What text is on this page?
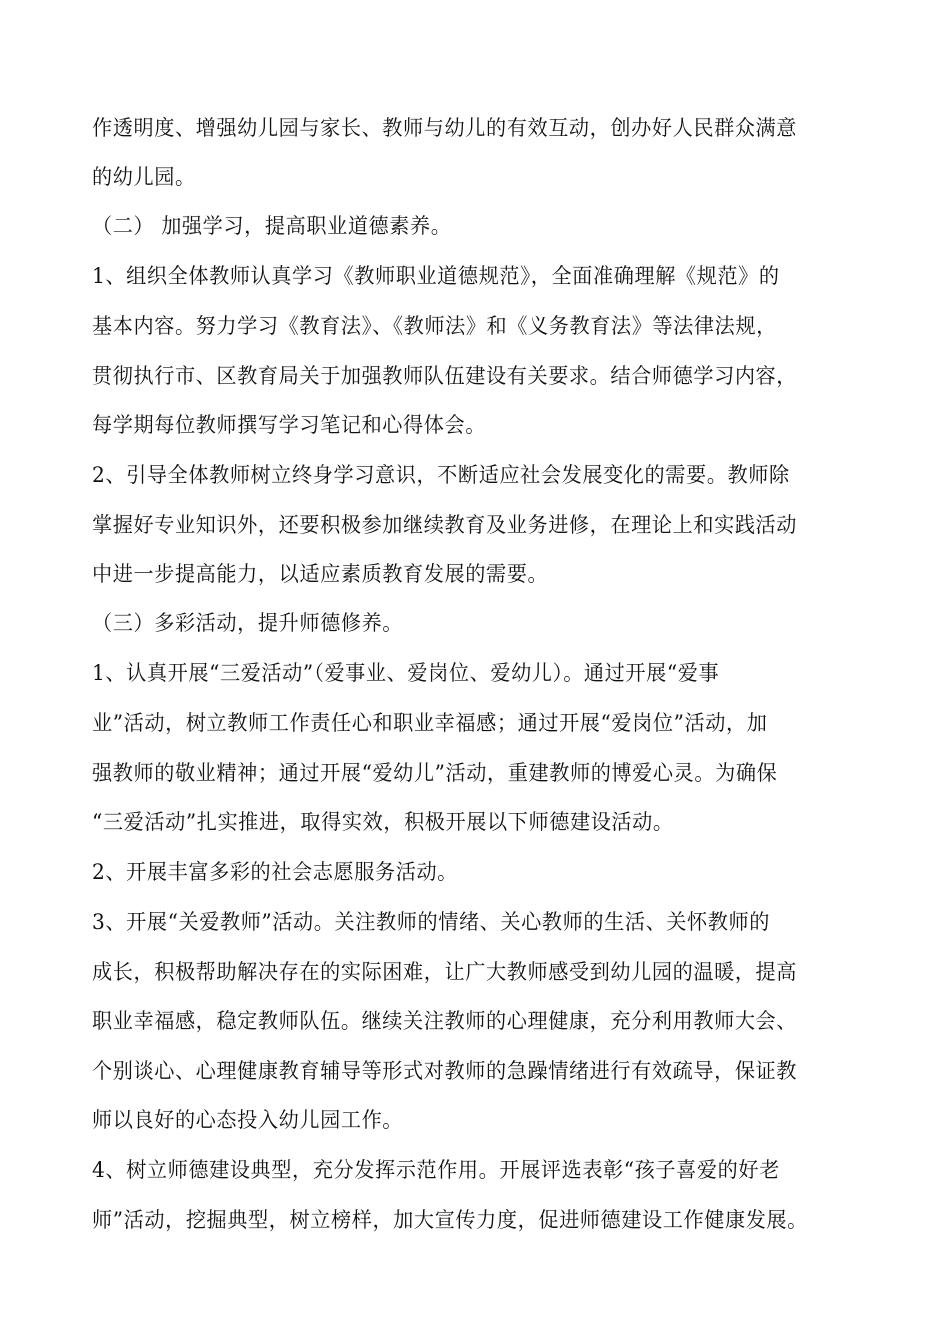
作透明度、增强幼儿园与家长、教师与幼儿的有效互动，创办好人民群众满意
的幼儿园。
（二） 加强学习，提高职业道德素养。
1、组织全体教师认真学习《教师职业道德规范》，全面准确理解《规范》的
基本内容。努力学习《教育法》、《教师法》和《义务教育法》等法律法规，
贯彻执行市、区教育局关于加强教师队伍建设有关要求。结合师德学习内容，
每学期每位教师撰写学习笔记和心得体会。
2、引导全体教师树立终身学习意识，不断适应社会发展变化的需要。教师除
掌握好专业知识外，还要积极参加继续教育及业务进修，在理论上和实践活动
中进一步提高能力，以适应素质教育发展的需要。
（三）多彩活动，提升师德修养。
1、认真开展“三爱活动”（爱事业、爱岗位、爱幼儿）。通过开展“爱事
业”活动，树立教师工作责任心和职业幸福感；通过开展“爱岗位”活动，加
强教师的敬业精神；通过开展“爱幼儿”活动，重建教师的博爱心灵。为确保
“三爱活动”扎实推进，取得实效，积极开展以下师德建设活动。
2、开展丰富多彩的社会志愿服务活动。
3、开展“关爱教师”活动。关注教师的情绪、关心教师的生活、关怀教师的
成长，积极帮助解决存在的实际困难，让广大教师感受到幼儿园的温暖，提高
职业幸福感，稳定教师队伍。继续关注教师的心理健康，充分利用教师大会、
个别谈心、心理健康教育辅导等形式对教师的急躁情绪进行有效疏导，保证教
师以良好的心态投入幼儿园工作。
4、树立师德建设典型，充分发挥示范作用。开展评选表彰“孩子喜爱的好老
师”活动，挖掘典型，树立榜样，加大宣传力度，促进师德建设工作健康发展。
